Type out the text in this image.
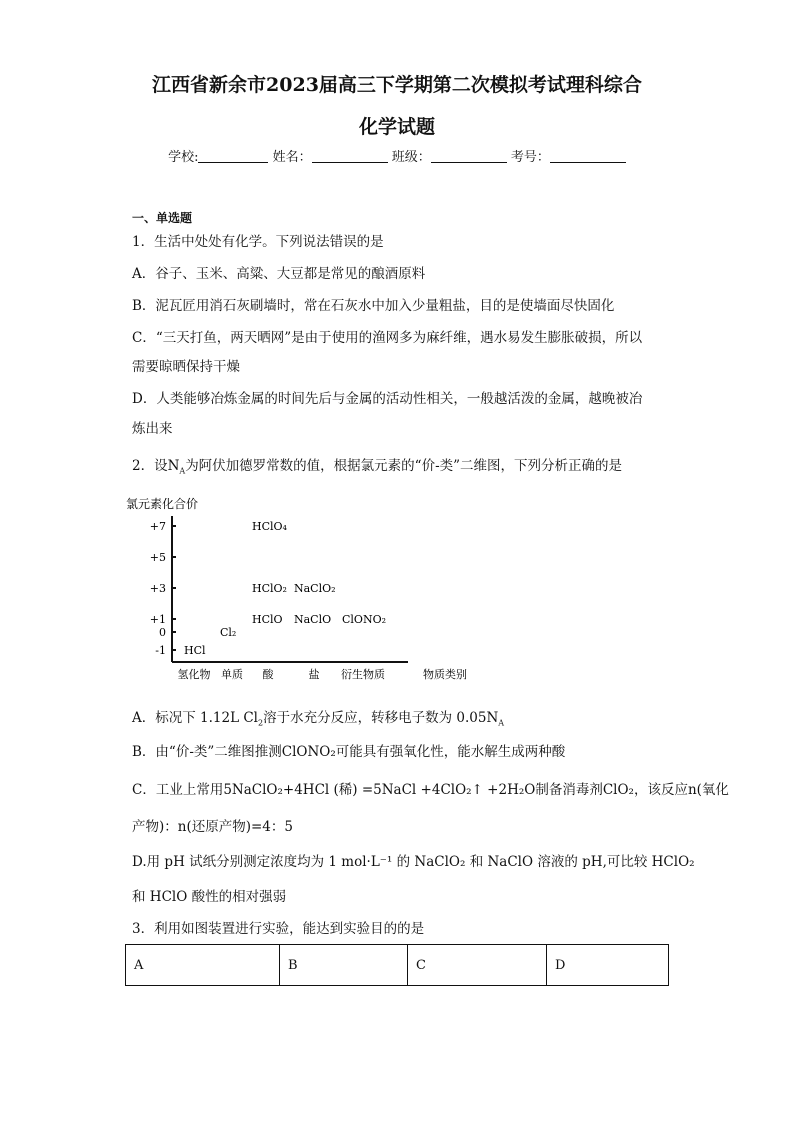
江西省新余市2023届高三下学期第二次模拟考试理科综合
化学试题
学校:	姓名：	班级：	考号：
一、单选题
1．生活中处处有化学。下列说法错误的是
A．谷子、玉米、高粱、大豆都是常见的酿酒原料
B．泥瓦匠用消石灰刷墙时，常在石灰水中加入少量粗盐，目的是使墙面尽快固化
C．“三天打鱼，两天晒网”是由于使用的渔网多为麻纤维，遇水易发生膨胀破损，所以
需要晾晒保持干燥
D．人类能够冶炼金属的时间先后与金属的活动性相关，一般越活泼的金属，越晚被冶
炼出来
2．设$N_A$为阿伏加德罗常数的值，根据氯元素的“价-类”二维图，下列分析正确的是
氯元素化合价
物质类别
+7
+5
+3
+1
0
-1
氢化物 单质 酸	盐 衍生物质
HCl
Cl₂
HClO₄
HClO₂ NaClO₂
HClO NaClO ClONO₂
A．标况下 1.12L $Cl_2$溶于水充分反应，转移电子数为 $0.05N_A$
B．由“价-类”二维图推测ClONO₂可能具有强氧化性，能水解生成两种酸
C．工业上常用5NaClO₂+4HCl (稀) =5NaCl +4ClO₂↑ +2H₂O制备消毒剂ClO₂，该反应n(氧化
产物)：n(还原产物)=4：5
D.用 pH 试纸分别测定浓度均为 1 mol·L⁻¹ 的 NaClO₂ 和 NaClO 溶液的 pH,可比较 HClO₂
和 HClO 酸性的相对强弱
3．利用如图装置进行实验，能达到实验目的的是
A	B	C	D
